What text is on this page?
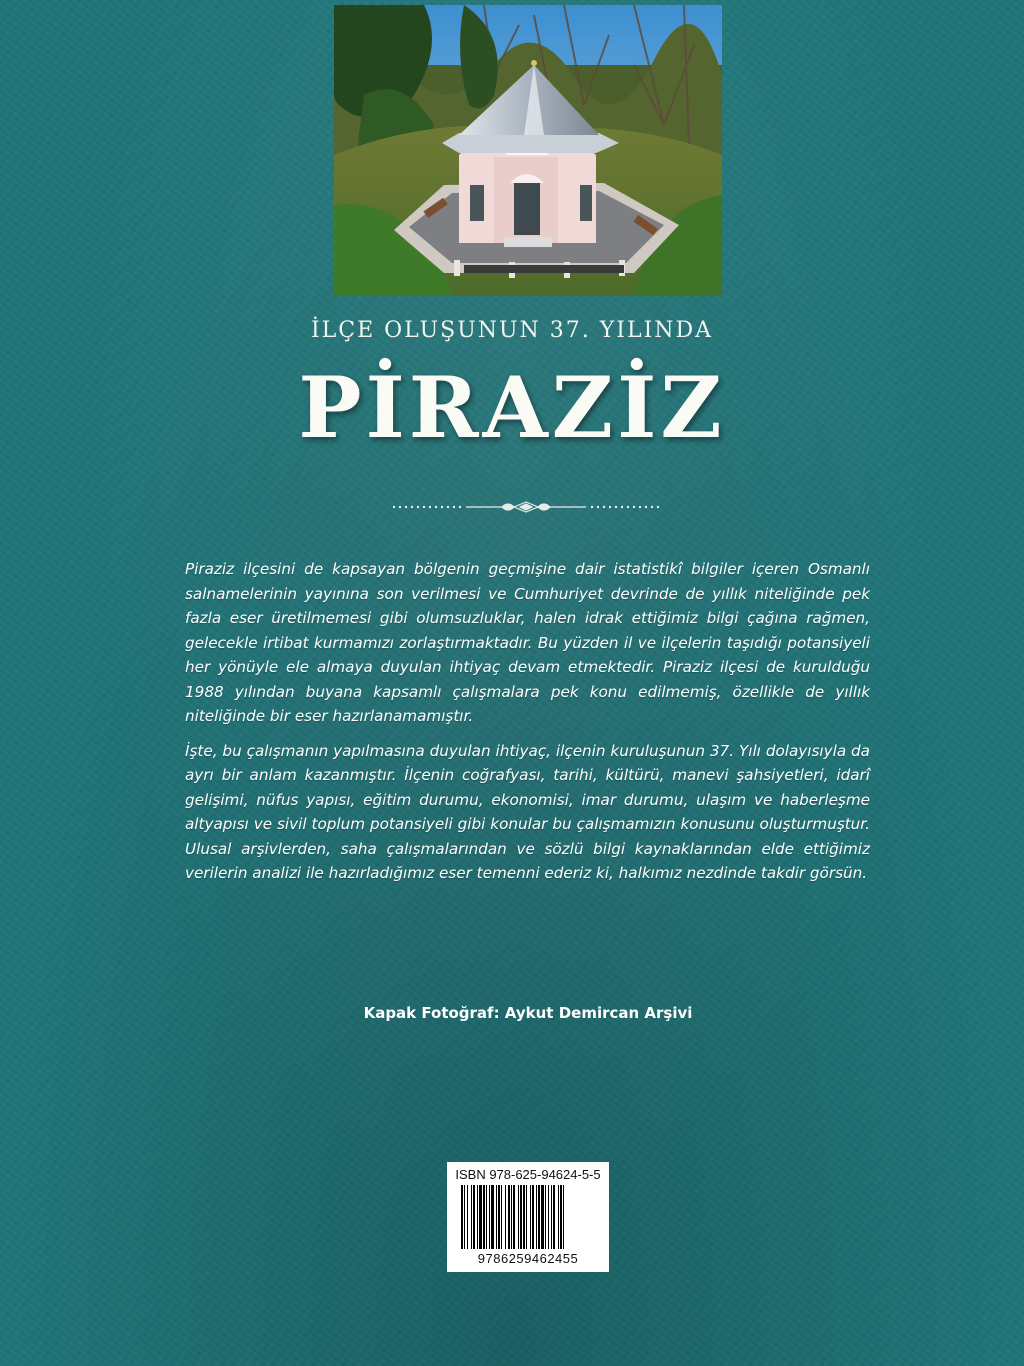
İLÇE OLUŞUNUN 37. YILINDA
PİRAZİZ

Piraziz ilçesini de kapsayan bölgenin geçmişine dair istatistikî bilgiler içeren Osmanlı salnamelerinin yayınına son verilmesi ve Cumhuriyet devrinde de yıllık niteliğinde pek fazla eser üretilmemesi gibi olumsuzluklar, halen idrak ettiğimiz bilgi çağına rağmen, gelecekle irtibat kurmamızı zorlaştırmaktadır. Bu yüzden il ve ilçelerin taşıdığı potansiyeli her yönüyle ele almaya duyulan ihtiyaç devam etmektedir. Piraziz ilçesi de kurulduğu 1988 yılından buyana kapsamlı çalışmalara pek konu edilmemiş, özellikle de yıllık niteliğinde bir eser hazırlanamamıştır.

İşte, bu çalışmanın yapılmasına duyulan ihtiyaç, ilçenin kuruluşunun 37. Yılı dolayısıyla da ayrı bir anlam kazanmıştır. İlçenin coğrafyası, tarihi, kültürü, manevi şahsiyetleri, idarî gelişimi, nüfus yapısı, eğitim durumu, ekonomisi, imar durumu, ulaşım ve haberleşme altyapısı ve sivil toplum potansiyeli gibi konular bu çalışmamızın konusunu oluşturmuştur. Ulusal arşivlerden, saha çalışmalarından ve sözlü bilgi kaynaklarından elde ettiğimiz verilerin analizi ile hazırladığımız eser temenni ederiz ki, halkımız nezdinde takdir görsün.

Kapak Fotoğraf: Aykut Demircan Arşivi
ISBN 978-625-94624-5-5
9786259462455
